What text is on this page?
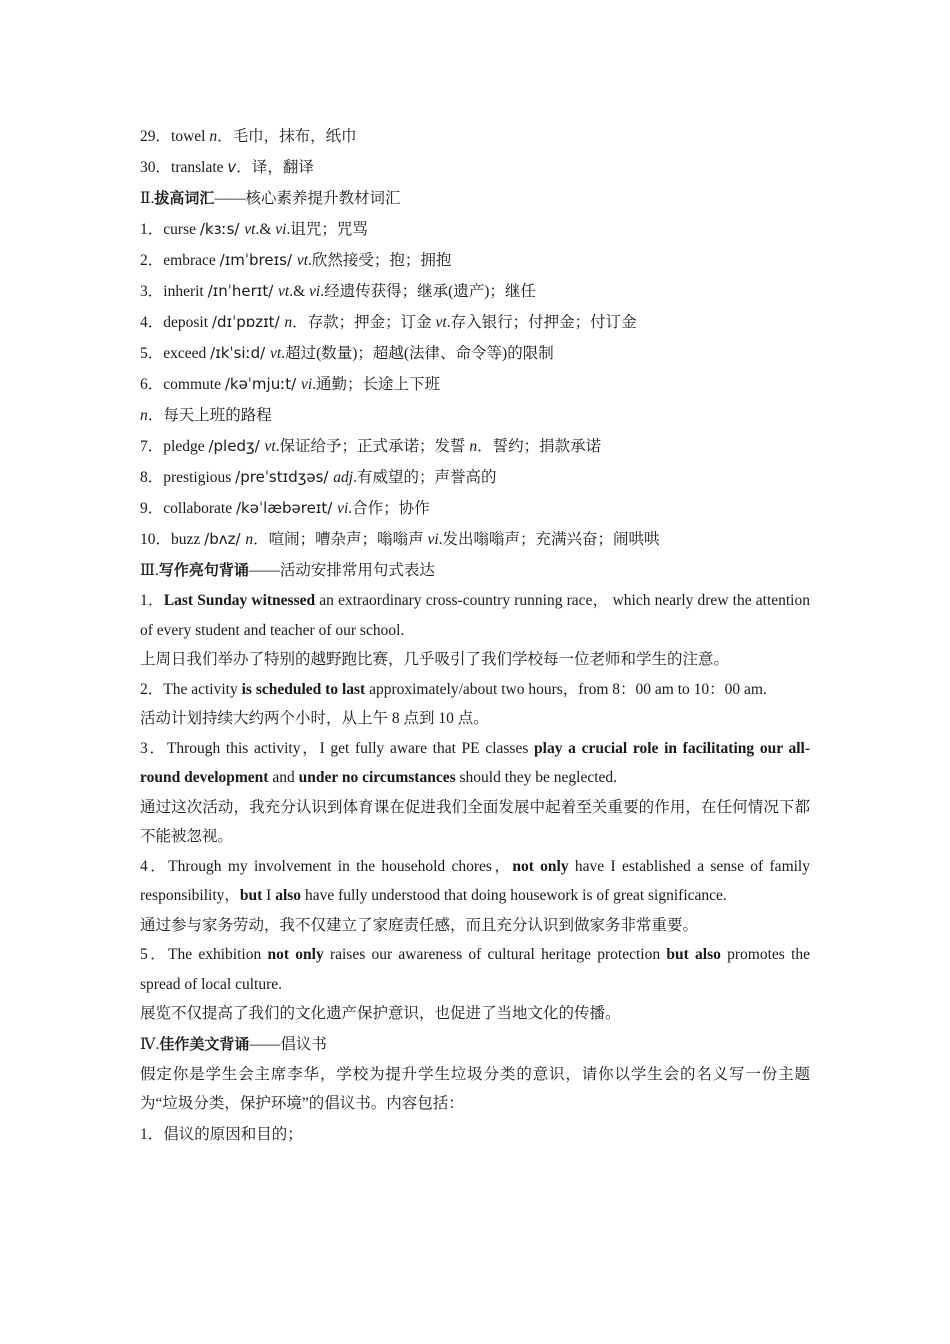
29．towel n．毛巾，抹布，纸巾
30．translate v．译，翻译
Ⅱ.拔高词汇——核心素养提升教材词汇
1．curse /kɜːs/ vt.& vi.诅咒；咒骂
2．embrace /ɪmˈbreɪs/ vt.欣然接受；抱；拥抱
3．inherit /ɪnˈherɪt/ vt.& vi.经遗传获得；继承(遗产)；继任
4．deposit /dɪˈpɒzɪt/ n．存款；押金；订金 vt.存入银行；付押金；付订金
5．exceed /ɪkˈsiːd/ vt.超过(数量)；超越(法律、命令等)的限制
6．commute /kəˈmjuːt/ vi.通勤；长途上下班
n．每天上班的路程
7．pledge /pledʒ/ vt.保证给予；正式承诺；发誓 n．誓约；捐款承诺
8．prestigious /preˈstɪdʒəs/ adj.有威望的；声誉高的
9．collaborate /kəˈlæbəreɪt/ vi.合作；协作
10．buzz /bʌz/ n．喧闹；嘈杂声；嗡嗡声 vi.发出嗡嗡声；充满兴奋；闹哄哄
Ⅲ.写作亮句背诵——活动安排常用句式表达
1．Last Sunday witnessed an extraordinary cross-country running race， which nearly drew the attention of every student and teacher of our school.
上周日我们举办了特别的越野跑比赛，几乎吸引了我们学校每一位老师和学生的注意。
2．The activity is scheduled to last approximately/about two hours，from 8：00 am to 10：00 am.
活动计划持续大约两个小时，从上午 8 点到 10 点。
3．Through this activity，I get fully aware that PE classes play a crucial role in facilitating our all-round development and under no circumstances should they be neglected.
通过这次活动，我充分认识到体育课在促进我们全面发展中起着至关重要的作用，在任何情况下都不能被忽视。
4．Through my involvement in the household chores，not only have I established a sense of family responsibility，but I also have fully understood that doing housework is of great significance.
通过参与家务劳动，我不仅建立了家庭责任感，而且充分认识到做家务非常重要。
5．The exhibition not only raises our awareness of cultural heritage protection but also promotes the spread of local culture.
展览不仅提高了我们的文化遗产保护意识，也促进了当地文化的传播。
Ⅳ.佳作美文背诵——倡议书
假定你是学生会主席李华，学校为提升学生垃圾分类的意识，请你以学生会的名义写一份主题为“垃圾分类，保护环境”的倡议书。内容包括：
1．倡议的原因和目的；
